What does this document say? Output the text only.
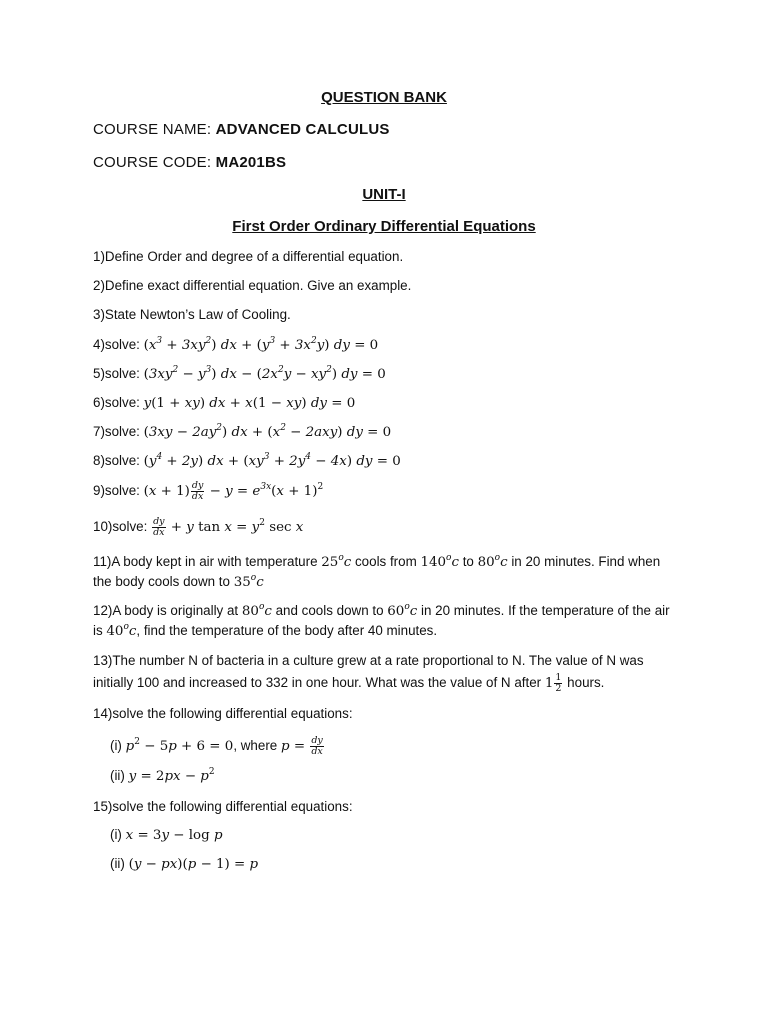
QUESTION BANK
COURSE NAME: ADVANCED CALCULUS
COURSE CODE: MA201BS
UNIT-I
First Order Ordinary Differential Equations
1)Define Order and degree of a differential equation.
2)Define exact differential equation. Give an example.
3)State Newton’s Law of Cooling.
4)solve: $(x^3 + 3xy^2)$ dx + $(y^3 + 3x^2y)$ dy = 0
5)solve: $(3xy^2 - y^3)$ dx − $(2x^2y - xy^2)$ dy = 0
6)solve: y(1 + xy) dx + x(1 − xy) dy = 0
7)solve: $(3xy - 2ay^2)$ dx + $(x^2 - 2axy)$ dy = 0
8)solve: $(y^4 + 2y)$ dx + $(xy^3 + 2y^4 - 4x)$ dy = 0
9)solve: $(x + 1) \frac{dy}{dx} - y = e^{3x}(x + 1)^2$
10)solve: $\frac{dy}{dx} + y$ $\tan x = y^2$ sec x
11)A body kept in air with temperature 25$^o$c cools from 140$^o$c to 80$^o$c in 20 minutes. Find when the body cools down to 35$^o$c
12)A body is originally at 80$^o$c and cools down to 60$^o$c in 20 minutes. If the temperature of the air is 40$^o$c, find the temperature of the body after 40 minutes.
13)The number N of bacteria in a culture grew at a rate proportional to N. The value of N was initially 100 and increased to 332 in one hour. What was the value of N after $1 \frac{1}{2}$ hours.
14)solve the following differential equations:
(i) $p^2 - 5p + 6 = 0$, where $p = \frac{dy}{dx}$
(ii) $y = 2px - p^2$
15)solve the following differential equations:
(i) x = 3y − log p
(ii) (y − px)(p − 1) = p
